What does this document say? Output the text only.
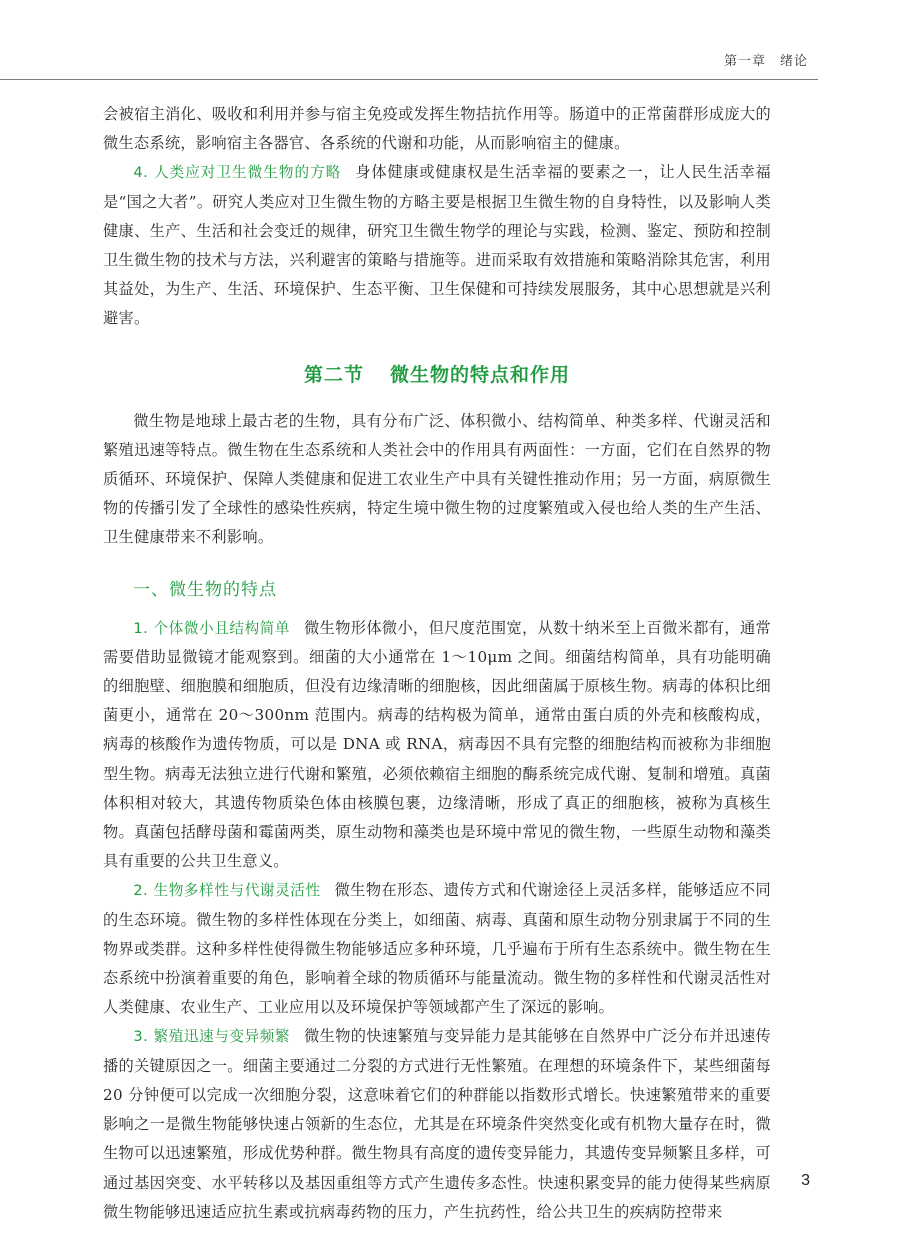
第一章　绪论

会被宿主消化、吸收和利用并参与宿主免疫或发挥生物拮抗作用等。肠道中的正常菌群形成庞大的微生态系统，影响宿主各器官、各系统的代谢和功能，从而影响宿主的健康。

4. 人类应对卫生微生物的方略 身体健康或健康权是生活幸福的要素之一，让人民生活幸福是“国之大者”。研究人类应对卫生微生物的方略主要是根据卫生微生物的自身特性，以及影响人类健康、生产、生活和社会变迁的规律，研究卫生微生物学的理论与实践，检测、鉴定、预防和控制卫生微生物的技术与方法，兴利避害的策略与措施等。进而采取有效措施和策略消除其危害，利用其益处，为生产、生活、环境保护、生态平衡、卫生保健和可持续发展服务，其中心思想就是兴利避害。

第二节 微生物的特点和作用

微生物是地球上最古老的生物，具有分布广泛、体积微小、结构简单、种类多样、代谢灵活和繁殖迅速等特点。微生物在生态系统和人类社会中的作用具有两面性：一方面，它们在自然界的物质循环、环境保护、保障人类健康和促进工农业生产中具有关键性推动作用；另一方面，病原微生物的传播引发了全球性的感染性疾病，特定生境中微生物的过度繁殖或入侵也给人类的生产生活、卫生健康带来不利影响。

一、微生物的特点

1. 个体微小且结构简单 微生物形体微小，但尺度范围宽，从数十纳米至上百微米都有，通常需要借助显微镜才能观察到。细菌的大小通常在 1～10μm 之间。细菌结构简单，具有功能明确的细胞壁、细胞膜和细胞质，但没有边缘清晰的细胞核，因此细菌属于原核生物。病毒的体积比细菌更小，通常在 20～300nm 范围内。病毒的结构极为简单，通常由蛋白质的外壳和核酸构成，病毒的核酸作为遗传物质，可以是 DNA 或 RNA，病毒因不具有完整的细胞结构而被称为非细胞型生物。病毒无法独立进行代谢和繁殖，必须依赖宿主细胞的酶系统完成代谢、复制和增殖。真菌体积相对较大，其遗传物质染色体由核膜包裹，边缘清晰，形成了真正的细胞核，被称为真核生物。真菌包括酵母菌和霉菌两类，原生动物和藻类也是环境中常见的微生物，一些原生动物和藻类具有重要的公共卫生意义。

2. 生物多样性与代谢灵活性 微生物在形态、遗传方式和代谢途径上灵活多样，能够适应不同的生态环境。微生物的多样性体现在分类上，如细菌、病毒、真菌和原生动物分别隶属于不同的生物界或类群。这种多样性使得微生物能够适应多种环境，几乎遍布于所有生态系统中。微生物在生态系统中扮演着重要的角色，影响着全球的物质循环与能量流动。微生物的多样性和代谢灵活性对人类健康、农业生产、工业应用以及环境保护等领域都产生了深远的影响。

3. 繁殖迅速与变异频繁 微生物的快速繁殖与变异能力是其能够在自然界中广泛分布并迅速传播的关键原因之一。细菌主要通过二分裂的方式进行无性繁殖。在理想的环境条件下，某些细菌每 20 分钟便可以完成一次细胞分裂，这意味着它们的种群能以指数形式增长。快速繁殖带来的重要影响之一是微生物能够快速占领新的生态位，尤其是在环境条件突然变化或有机物大量存在时，微生物可以迅速繁殖，形成优势种群。微生物具有高度的遗传变异能力，其遗传变异频繁且多样，可通过基因突变、水平转移以及基因重组等方式产生遗传多态性。快速积累变异的能力使得某些病原微生物能够迅速适应抗生素或抗病毒药物的压力，产生抗药性，给公共卫生的疾病防控带来

3
